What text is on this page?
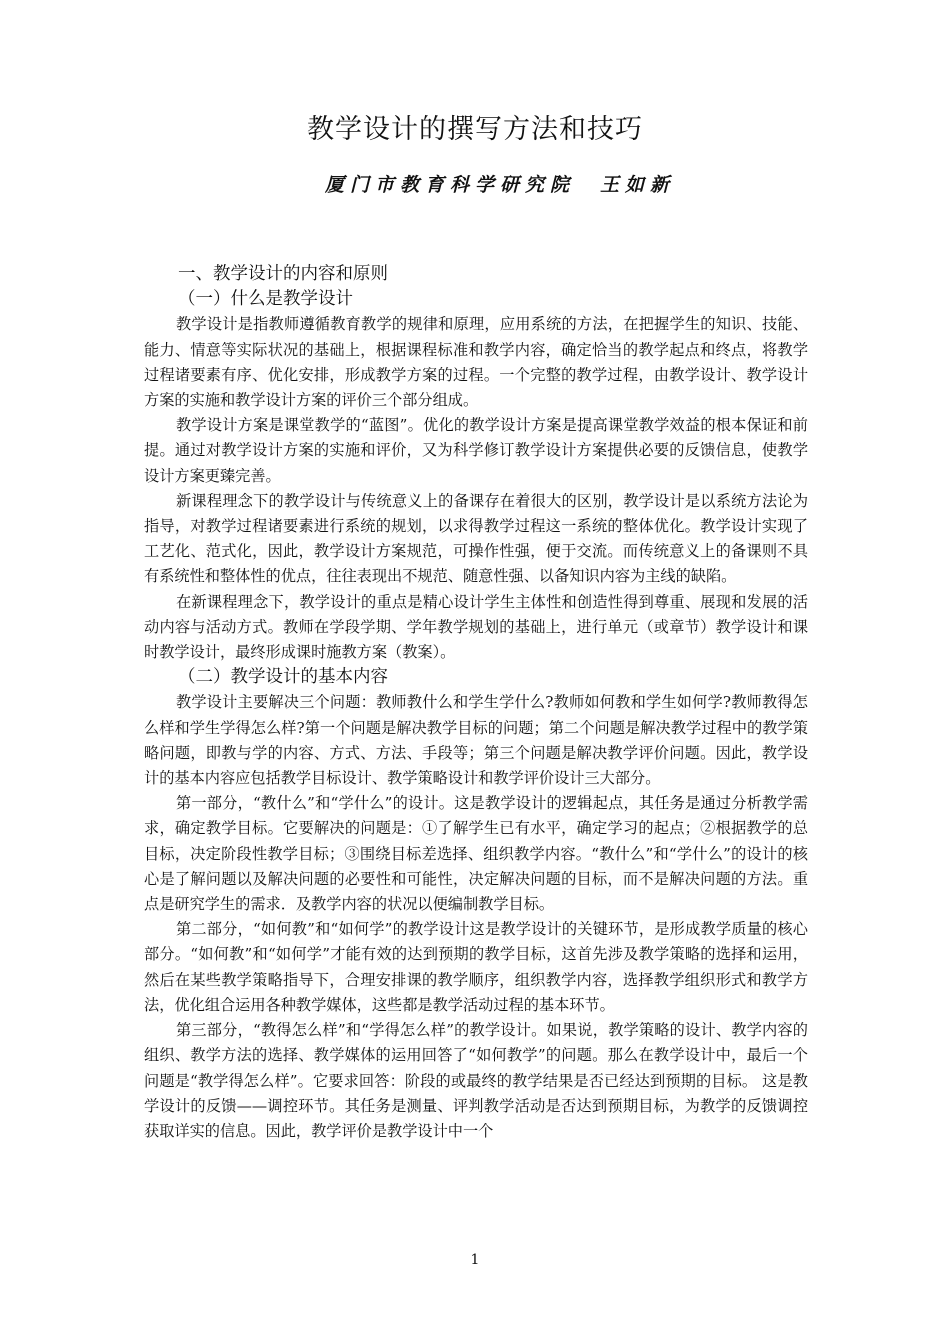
教学设计的撰写方法和技巧
厦门市教育科学研究院　王如新
一、教学设计的内容和原则
（一）什么是教学设计

教学设计是指教师遵循教育教学的规律和原理，应用系统的方法，在把握学生的知识、技能、能力、情意等实际状况的基础上，根据课程标准和教学内容，确定恰当的教学起点和终点，将教学过程诸要素有序、优化安排，形成教学方案的过程。一个完整的教学过程，由教学设计、教学设计方案的实施和教学设计方案的评价三个部分组成。

教学设计方案是课堂教学的“蓝图”。优化的教学设计方案是提高课堂教学效益的根本保证和前提。通过对教学设计方案的实施和评价，又为科学修订教学设计方案提供必要的反馈信息，使教学设计方案更臻完善。

新课程理念下的教学设计与传统意义上的备课存在着很大的区别，教学设计是以系统方法论为指导，对教学过程诸要素进行系统的规划，以求得教学过程这一系统的整体优化。教学设计实现了工艺化、范式化，因此，教学设计方案规范，可操作性强，便于交流。而传统意义上的备课则不具有系统性和整体性的优点，往往表现出不规范、随意性强、以备知识内容为主线的缺陷。

在新课程理念下，教学设计的重点是精心设计学生主体性和创造性得到尊重、展现和发展的活动内容与活动方式。教师在学段学期、学年教学规划的基础上，进行单元（或章节）教学设计和课时教学设计，最终形成课时施教方案（教案）。

（二）教学设计的基本内容

教学设计主要解决三个问题：教师教什么和学生学什么?教师如何教和学生如何学?教师教得怎么样和学生学得怎么样?第一个问题是解决教学目标的问题；第二个问题是解决教学过程中的教学策略问题，即教与学的内容、方式、方法、手段等；第三个问题是解决教学评价问题。因此，教学设计的基本内容应包括教学目标设计、教学策略设计和教学评价设计三大部分。

第一部分，“教什么”和“学什么”的设计。这是教学设计的逻辑起点，其任务是通过分析教学需求，确定教学目标。它要解决的问题是：①了解学生已有水平，确定学习的起点；②根据教学的总目标，决定阶段性教学目标；③围绕目标差选择、组织教学内容。“教什么”和“学什么”的设计的核心是了解问题以及解决问题的必要性和可能性，决定解决问题的目标，而不是解决问题的方法。重点是研究学生的需求．及教学内容的状况以便编制教学目标。

第二部分，“如何教”和“如何学”的教学设计这是教学设计的关键环节，是形成教学质量的核心部分。“如何教”和“如何学”才能有效的达到预期的教学目标，这首先涉及教学策略的选择和运用，然后在某些教学策略指导下，合理安排课的教学顺序，组织教学内容，选择教学组织形式和教学方法，优化组合运用各种教学媒体，这些都是教学活动过程的基本环节。

第三部分，“教得怎么样”和“学得怎么样”的教学设计。如果说，教学策略的设计、教学内容的组织、教学方法的选择、教学媒体的运用回答了“如何教学”的问题。那么在教学设计中，最后一个问题是“教学得怎么样”。它要求回答：阶段的或最终的教学结果是否已经达到预期的目标。 这是教学设计的反馈——调控环节。其任务是测量、评判教学活动是否达到预期目标，为教学的反馈调控获取详实的信息。因此，教学评价是教学设计中一个

1
